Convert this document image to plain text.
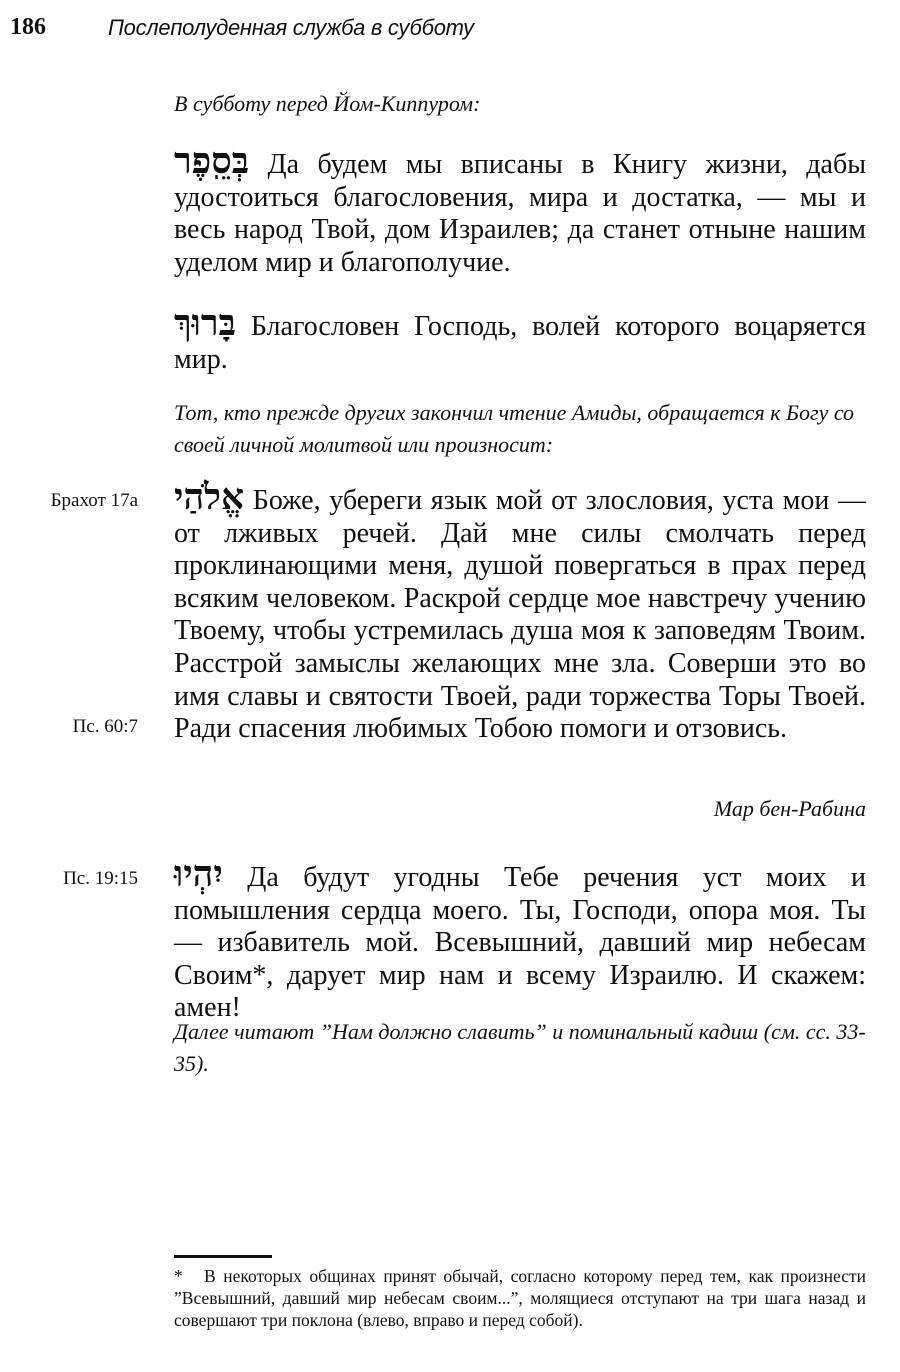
186	Послеполуденная служба в субботу
В субботу перед Йом-Киппуром:
בְּסֵֽפֶר Да будем мы вписаны в Книгу жизни, дабы удостоиться благословения, мира и достатка, — мы и весь народ Твой, дом Израилев; да станет отныне нашим уделом мир и благополучие.
בָּרוּךְ Благословен Господь, волей которого воцаряется мир.
Тот, кто прежде других закончил чтение Амиды, обращается к Богу со своей личной молитвой или произносит:
Брахот 17а
Пс. 60:7
אֱלֹהַי Боже, убереги язык мой от злословия, уста мои — от лживых речей. Дай мне силы смолчать перед проклинающими меня, душой повергаться в прах перед всяким человеком. Раскрой сердце мое навстречу учению Твоему, чтобы устремилась душа моя к заповедям Твоим. Расстрой замыслы желающих мне зла. Соверши это во имя славы и святости Твоей, ради торжества Торы Твоей. Ради спасения любимых Тобою помоги и отзовись.
Мар бен-Рабина
Пс. 19:15 יִהְיוּ Да будут угодны Тебе речения уст моих и помышления сердца моего. Ты, Господи, опора моя. Ты — избавитель мой. Всевышний, давший мир небесам Своим*, дарует мир нам и всему Израилю. И скажем: амен!
Далее читают ”Нам должно славить” и поминальный кадиш (см. сс. 33-35).
* В некоторых общинах принят обычай, согласно которому перед тем, как произнести ”Всевышний, давший мир небесам своим...”, молящиеся отступают на три шага назад и совершают три поклона (влево, вправо и перед собой).
